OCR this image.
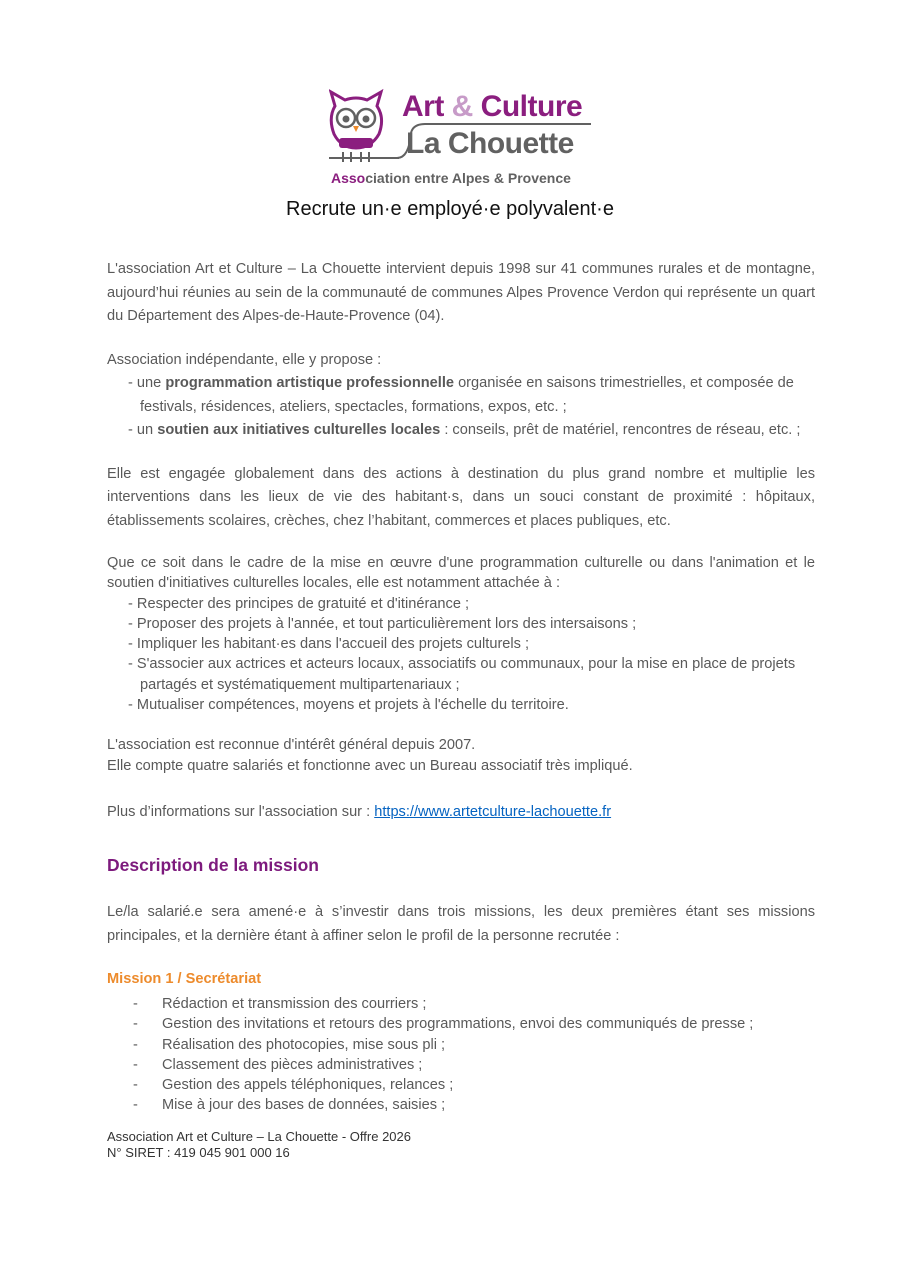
Art & Culture
La Chouette
Association entre Alpes & Provence
Recrute un·e employé·e polyvalent·e

L'association Art et Culture – La Chouette intervient depuis 1998 sur 41 communes rurales et de montagne, aujourd’hui réunies au sein de la communauté de communes Alpes Provence Verdon qui représente un quart du Département des Alpes-de-Haute-Provence (04).

Association indépendante, elle y propose :

- une programmation artistique professionnelle organisée en saisons trimestrielles, et composée de

festivals, résidences, ateliers, spectacles, formations, expos, etc. ;

- un soutien aux initiatives culturelles locales : conseils, prêt de matériel, rencontres de réseau, etc. ;

Elle est engagée globalement dans des actions à destination du plus grand nombre et multiplie les interventions dans les lieux de vie des habitant·s, dans un souci constant de proximité : hôpitaux, établissements scolaires, crèches, chez l’habitant, commerces et places publiques, etc.

Que ce soit dans le cadre de la mise en œuvre d'une programmation culturelle ou dans l'animation et le soutien d'initiatives culturelles locales, elle est notamment attachée à :

- Respecter des principes de gratuité et d'itinérance ;

- Proposer des projets à l'année, et tout particulièrement lors des intersaisons ;

- Impliquer les habitant·es dans l'accueil des projets culturels ;

- S'associer aux actrices et acteurs locaux, associatifs ou communaux, pour la mise en place de projets

partagés et systématiquement multipartenariaux ;

- Mutualiser compétences, moyens et projets à l'échelle du territoire.

L'association est reconnue d'intérêt général depuis 2007.

Elle compte quatre salariés et fonctionne avec un Bureau associatif très impliqué.

Plus d’informations sur l'association sur : https://www.artetculture-lachouette.fr

Description de la mission
Le/la salarié.e sera amené·e à s’investir dans trois missions, les deux premières étant ses missions principales, et la dernière étant à affiner selon le profil de la personne recrutée :
Mission 1 / Secrétariat
- Rédaction et transmission des courriers ;
- Gestion des invitations et retours des programmations, envoi des communiqués de presse ;
- Réalisation des photocopies, mise sous pli ;
- Classement des pièces administratives ;
- Gestion des appels téléphoniques, relances ;
- Mise à jour des bases de données, saisies ;
Association Art et Culture – La Chouette - Offre 2026
N° SIRET : 419 045 901 000 16
